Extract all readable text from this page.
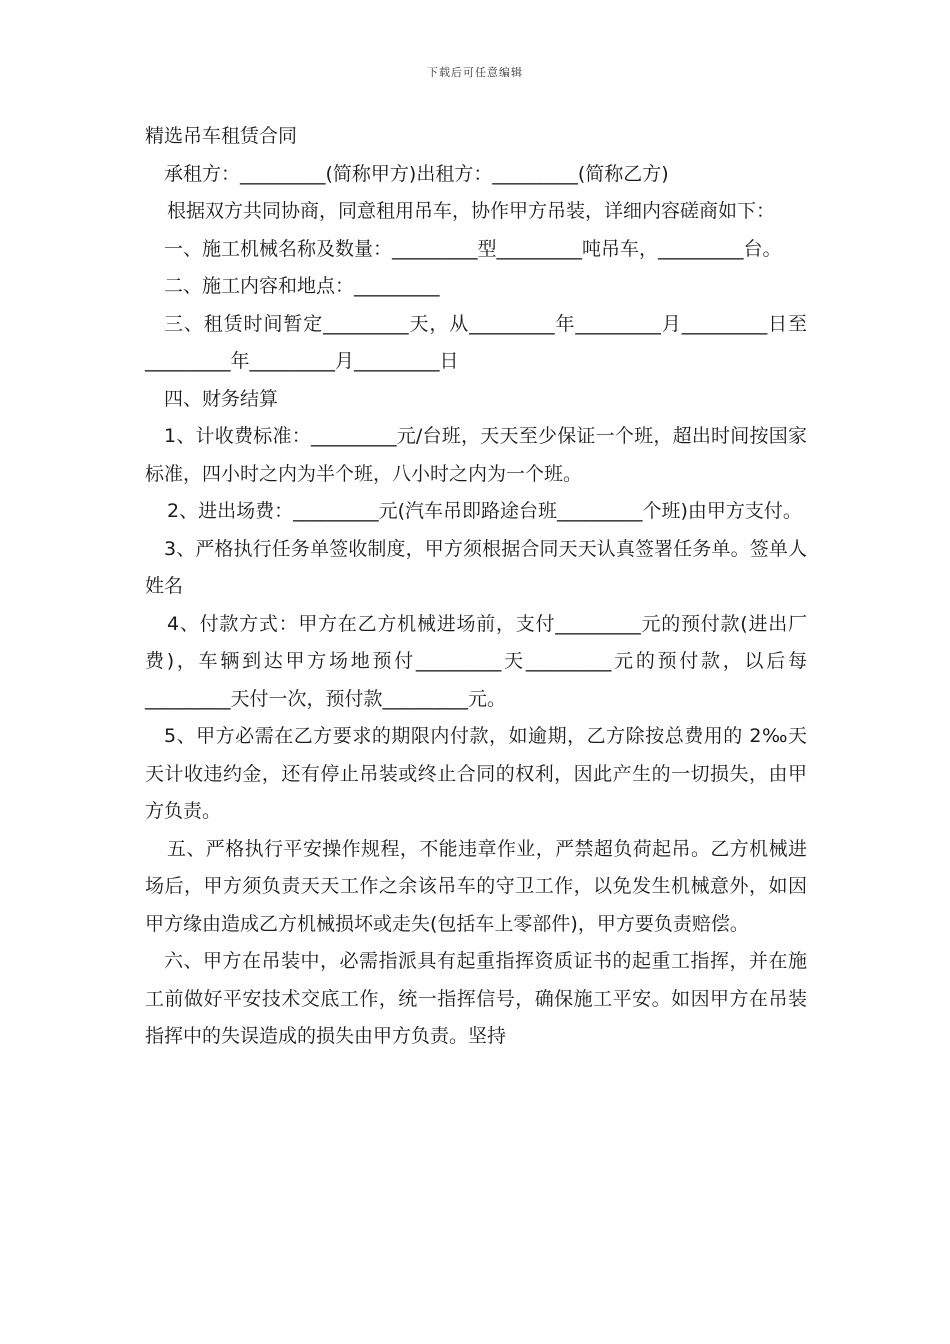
下载后可任意编辑

精选吊车租赁合同

承租方：_________(简称甲方)出租方：_________(简称乙方)

根据双方共同协商，同意租用吊车，协作甲方吊装，详细内容磋商如下：

一、施工机械名称及数量：_________型_________吨吊车，_________台。

二、施工内容和地点：_________

三、租赁时间暂定_________天，从_________年_________月_________日至_________年_________月_________日

四、财务结算

1、计收费标准：_________元/台班，天天至少保证一个班，超出时间按国家标准，四小时之内为半个班，八小时之内为一个班。

2、进出场费：_________元(汽车吊即路途台班_________个班)由甲方支付。

3、严格执行任务单签收制度，甲方须根据合同天天认真签署任务单。签单人姓名

4、付款方式：甲方在乙方机械进场前，支付_________元的预付款(进出厂费)，车辆到达甲方场地预付_________天_________元的预付款，以后每_________天付一次，预付款_________元。

5、甲方必需在乙方要求的期限内付款，如逾期，乙方除按总费用的 2‰天天计收违约金，还有停止吊装或终止合同的权利，因此产生的一切损失，由甲方负责。

五、严格执行平安操作规程，不能违章作业，严禁超负荷起吊。乙方机械进场后，甲方须负责天天工作之余该吊车的守卫工作，以免发生机械意外，如因甲方缘由造成乙方机械损坏或走失(包括车上零部件)，甲方要负责赔偿。

六、甲方在吊装中，必需指派具有起重指挥资质证书的起重工指挥，并在施工前做好平安技术交底工作，统一指挥信号，确保施工平安。如因甲方在吊装指挥中的失误造成的损失由甲方负责。坚持
